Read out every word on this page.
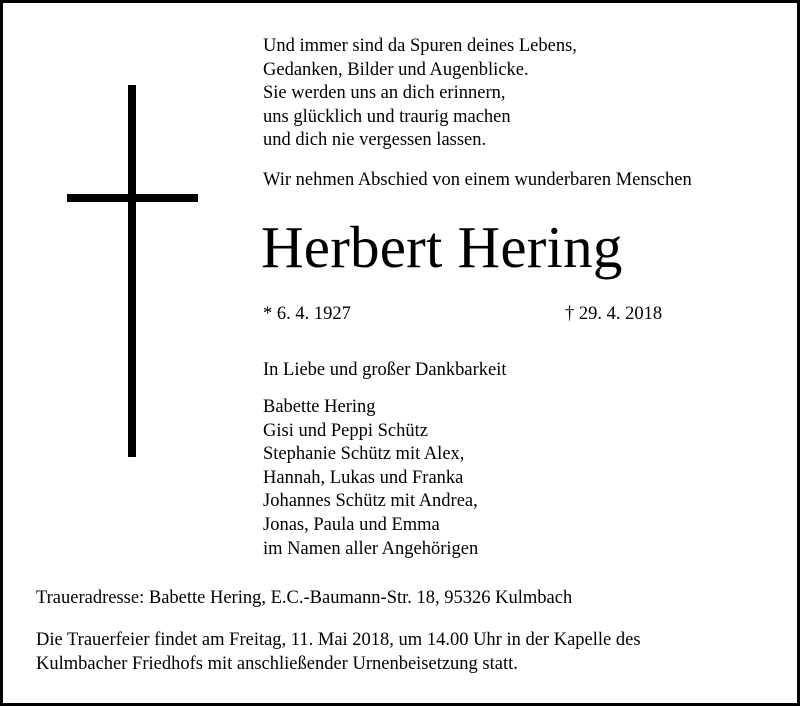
Und immer sind da Spuren deines Lebens,
Gedanken, Bilder und Augenblicke.
Sie werden uns an dich erinnern,
uns glücklich und traurig machen
und dich nie vergessen lassen.
Wir nehmen Abschied von einem wunderbaren Menschen
Herbert Hering
* 6. 4. 1927	† 29. 4. 2018
In Liebe und großer Dankbarkeit
Babette Hering
Gisi und Peppi Schütz
Stephanie Schütz mit Alex,
Hannah, Lukas und Franka
Johannes Schütz mit Andrea,
Jonas, Paula und Emma
im Namen aller Angehörigen
Traueradresse: Babette Hering, E.C.-Baumann-Str. 18, 95326 Kulmbach
Die Trauerfeier findet am Freitag, 11. Mai 2018, um 14.00 Uhr in der Kapelle des
Kulmbacher Friedhofs mit anschließender Urnenbeisetzung statt.
